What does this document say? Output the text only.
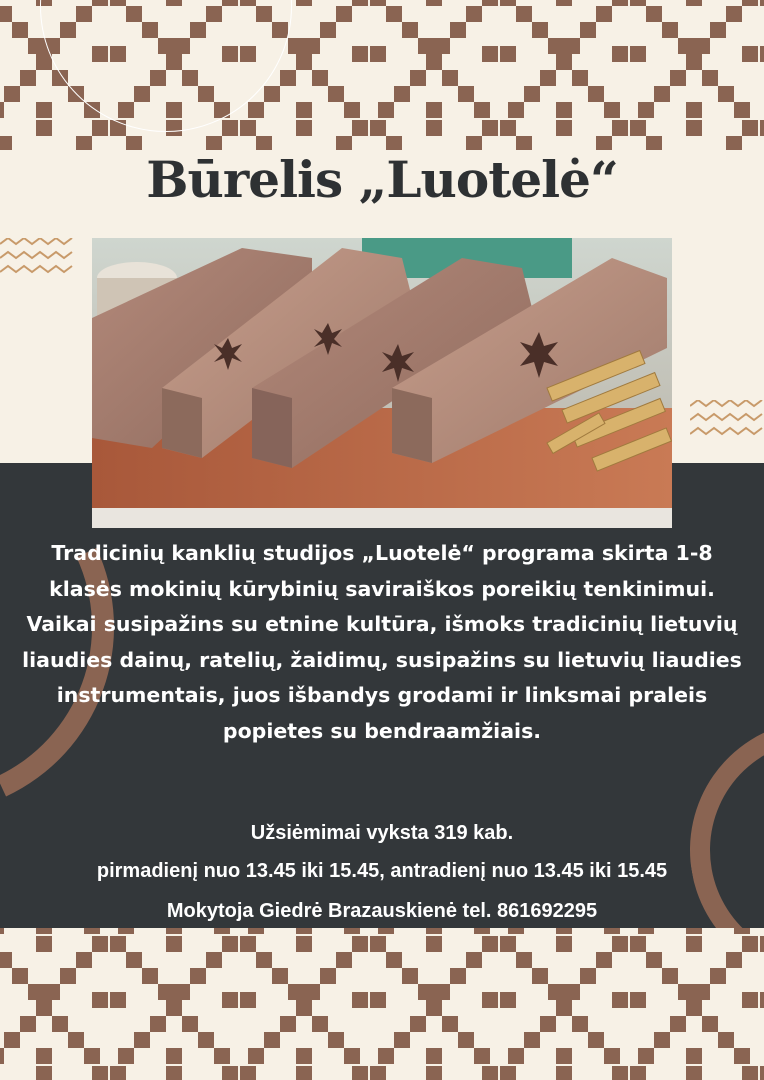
Būrelis „Luotelė“

Tradicinių kanklių studijos „Luotelė“ programa skirta 1-8 klasės mokinių kūrybinių saviraiškos poreikių tenkinimui. Vaikai susipažins su etnine kultūra, išmoks tradicinių lietuvių liaudies dainų, ratelių, žaidimų, susipažins su lietuvių liaudies instrumentais, juos išbandys grodami ir linksmai praleis popietes su bendraamžiais.

Užsiėmimai vyksta 319 kab.

pirmadienį nuo 13.45 iki 15.45, antradienį nuo 13.45 iki 15.45

Mokytoja Giedrė Brazauskienė tel. 861692295
